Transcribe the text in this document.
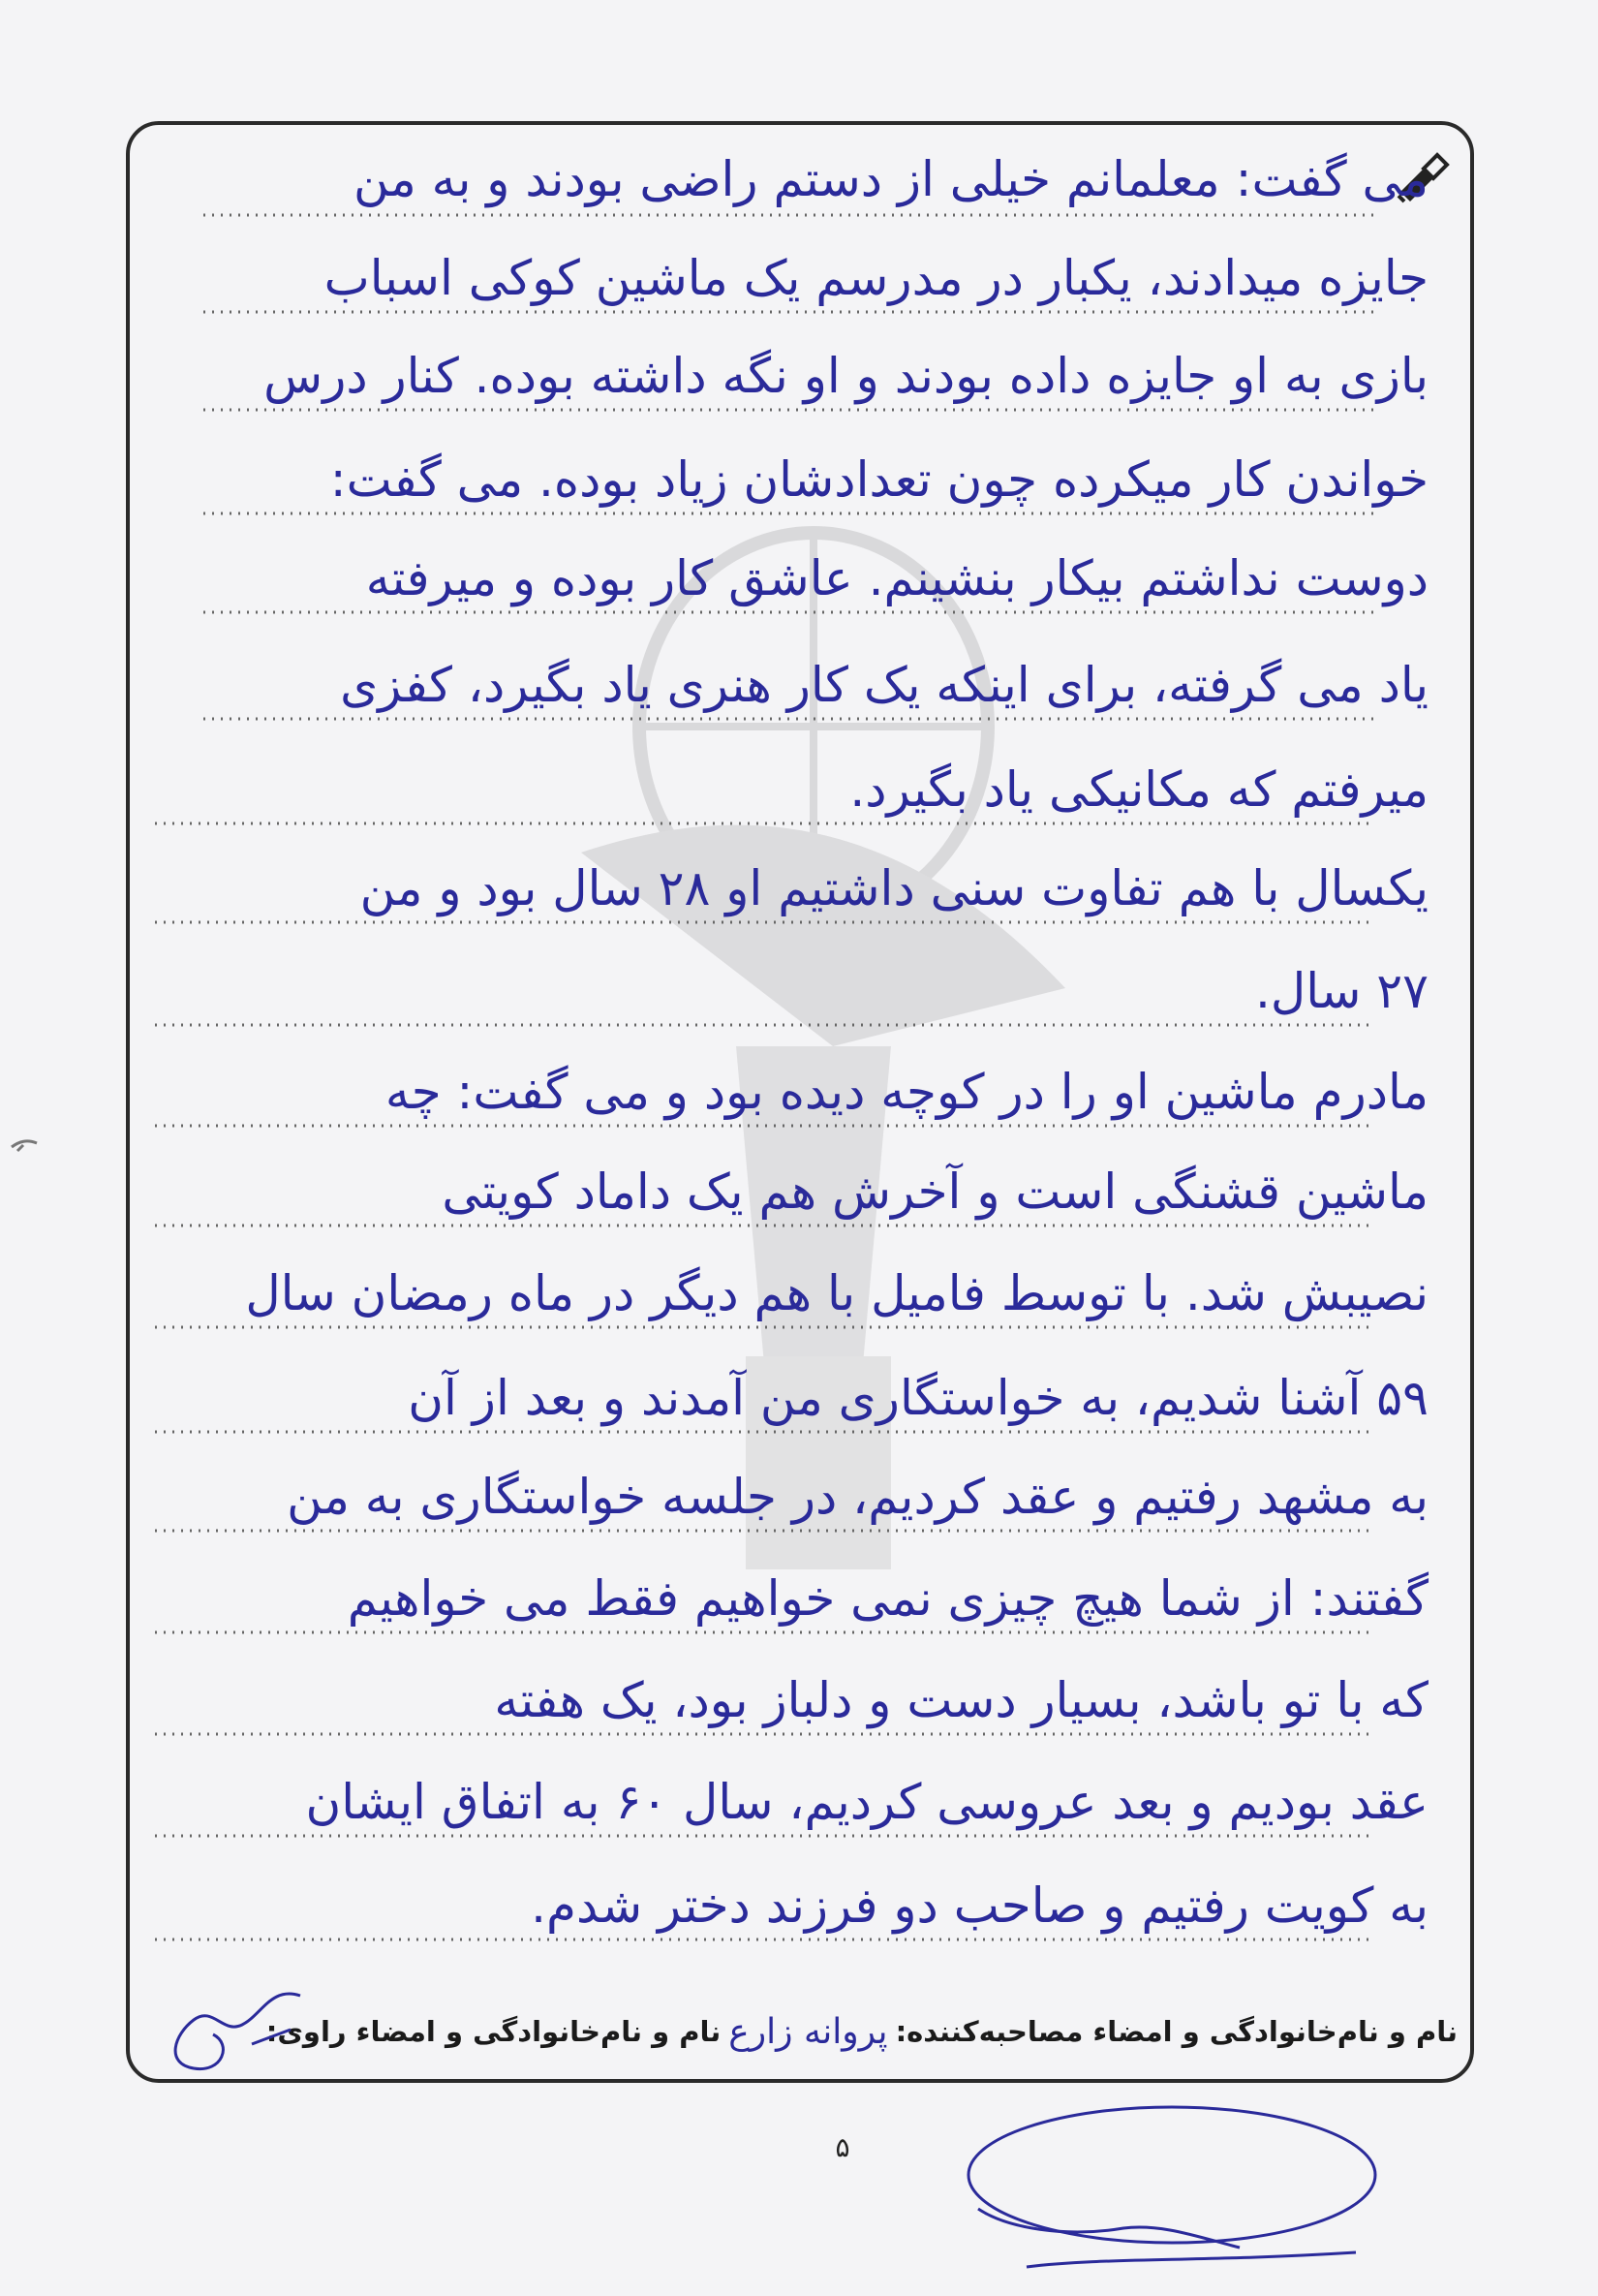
می گفت: معلمانم خیلی از دستم راضی بودند و به من
جایزه میدادند، یکبار در مدرسم یک ماشین کوکی اسباب
بازی به او جایزه داده بودند و او نگه داشته بوده. کنار درس
خواندن کار میکرده چون تعدادشان زیاد بوده. می گفت:
دوست نداشتم بیکار بنشینم. عاشق کار بوده و میرفته
یاد می گرفته، برای اینکه یک کار هنری یاد بگیرد، کفزی
میرفتم که مکانیکی یاد بگیرد.
یکسال با هم تفاوت سنی داشتیم او ۲۸ سال بود و من
۲۷ سال.
مادرم ماشین او را در کوچه دیده بود و می گفت: چه
ماشین قشنگی است و آخرش هم یک داماد کویتی
نصیبش شد. با توسط فامیل با هم دیگر در ماه رمضان سال
۵۹ آشنا شدیم، به خواستگاری من آمدند و بعد از آن
به مشهد رفتیم و عقد کردیم، در جلسه خواستگاری به من
گفتند: از شما هیچ چیزی نمی خواهیم فقط می خواهیم
که با تو باشد، بسیار دست و دلباز بود، یک هفته
عقد بودیم و بعد عروسی کردیم، سال ۶۰ به اتفاق ایشان
به کویت رفتیم و صاحب دو فرزند دختر شدم.
نام و نام‌خانوادگی و امضاء مصاحبه‌کننده:
پروانه زارع
نام و نام‌خانوادگی و امضاء راوی:
۵
